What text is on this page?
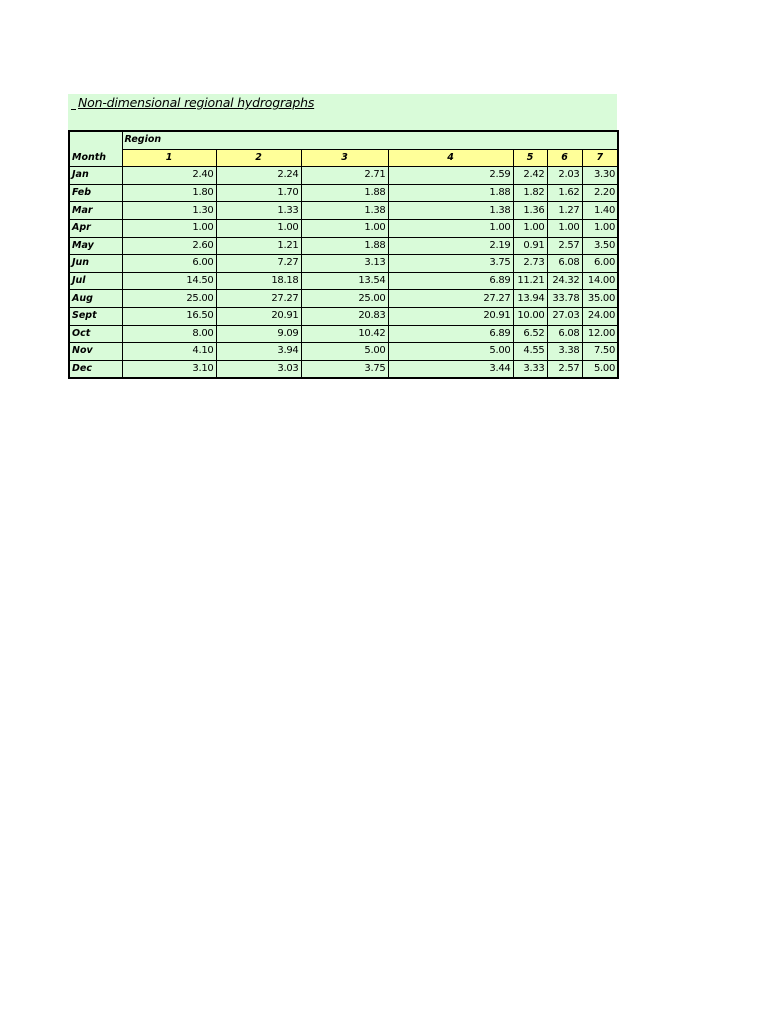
Non-dimensional regional hydrographs
	Region						
Month	1	2	3	4	5	6	7
Jan	2.40	2.24	2.71	2.59	2.42	2.03	3.30
Feb	1.80	1.70	1.88	1.88	1.82	1.62	2.20
Mar	1.30	1.33	1.38	1.38	1.36	1.27	1.40
Apr	1.00	1.00	1.00	1.00	1.00	1.00	1.00
May	2.60	1.21	1.88	2.19	0.91	2.57	3.50
Jun	6.00	7.27	3.13	3.75	2.73	6.08	6.00
Jul	14.50	18.18	13.54	6.89	11.21	24.32	14.00
Aug	25.00	27.27	25.00	27.27	13.94	33.78	35.00
Sept	16.50	20.91	20.83	20.91	10.00	27.03	24.00
Oct	8.00	9.09	10.42	6.89	6.52	6.08	12.00
Nov	4.10	3.94	5.00	5.00	4.55	3.38	7.50
Dec	3.10	3.03	3.75	3.44	3.33	2.57	5.00
